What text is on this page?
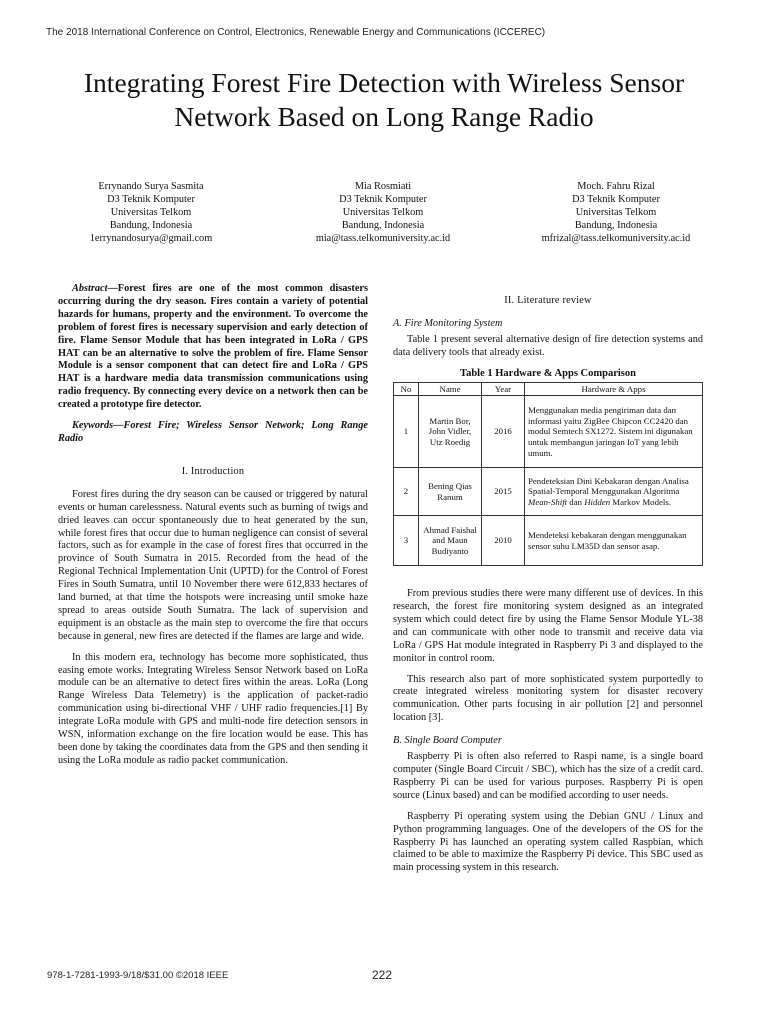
The 2018 International Conference on Control, Electronics, Renewable Energy and Communications (ICCEREC)
Integrating Forest Fire Detection with Wireless Sensor Network Based on Long Range Radio
Errynando Surya Sasmita
D3 Teknik Komputer
Universitas Telkom
Bandung, Indonesia
1errynandosurya@gmail.com
Mia Rosmiati
D3 Teknik Komputer
Universitas Telkom
Bandung, Indonesia
mia@tass.telkomuniversity.ac.id
Moch. Fahru Rizal
D3 Teknik Komputer
Universitas Telkom
Bandung, Indonesia
mfrizal@tass.telkomuniversity.ac.id

Abstract—Forest fires are one of the most common disasters occurring during the dry season. Fires contain a variety of potential hazards for humans, property and the environment. To overcome the problem of forest fires is necessary supervision and early detection of fire. Flame Sensor Module that has been integrated in LoRa / GPS HAT can be an alternative to solve the problem of fire. Flame Sensor Module is a sensor component that can detect fire and LoRa / GPS HAT is a hardware media data transmission communications using radio frequency. By connecting every device on a network then can be created a prototype fire detector.

Keywords—Forest Fire; Wireless Sensor Network; Long Range Radio

I. Introduction

Forest fires during the dry season can be caused or triggered by natural events or human carelessness. Natural events such as burning of twigs and dried leaves can occur spontaneously due to heat generated by the sun, while forest fires that occur due to human negligence can consist of several factors, such as for example in the case of forest fires that occurred in the province of South Sumatra in 2015. Recorded from the head of the Regional Technical Implementation Unit (UPTD) for the Control of Forest Fires in South Sumatra, until 10 November there were 612,833 hectares of land burned, at that time the hotspots were increasing until smoke haze spread to areas outside South Sumatra. The lack of supervision and equipment is an obstacle as the main step to overcome the fire that occurs because in general, new fires are detected if the flames are large and wide.

In this modern era, technology has become more sophisticated, thus easing emote works. Integrating Wireless Sensor Network based on LoRa module can be an alternative to detect fires within the areas. LoRa (Long Range Wireless Data Telemetry) is the application of packet-radio communication using bi-directional VHF / UHF radio frequencies.[1] By integrate LoRa module with GPS and multi-node fire detection sensors in WSN, information exchange on the fire location would be ease. This has been done by taking the coordinates data from the GPS and then sending it using the LoRa module as radio packet communication.

II. Literature review
A. Fire Monitoring System

Table 1 present several alternative design of fire detection systems and data delivery tools that already exist.

Table 1 Hardware & Apps Comparison
No	Name	Year	Hardware & Apps
1	Martin Bor, John Vidler, Utz Roedig	2016	Menggunakan media pengiriman data dan informasi yaitu ZigBee Chipcon CC2420 dan modul Semtech SX1272. Sistem ini digunakan untuk membangun jaringan IoT yang lebih umum.
2	Bening Qias Ranum	2015	Pendeteksian Dini Kebakaran dengan Analisa Spatial-Temporal Menggunakan Algoritma Mean-Shift dan Hidden Markov Models.
3	Ahmad Faishal and Maun Budiyanto	2010	Mendeteksi kebakaran dengan menggunakan sensor suhu LM35D dan sensor asap.

From previous studies there were many different use of devices. In this research, the forest fire monitoring system designed as an integrated system which could detect fire by using the Flame Sensor Module YL-38 and can communicate with other node to transmit and receive data via LoRa / GPS Hat module integrated in Raspberry Pi 3 and displayed to the monitor in control room.

This research also part of more sophisticated system purportedly to create integrated wireless monitoring system for disaster recovery communication. Other parts focusing in air pollution [2] and personnel location [3].

B. Single Board Computer

Raspberry Pi is often also referred to Raspi name, is a single board computer (Single Board Circuit / SBC), which has the size of a credit card. Raspberry Pi can be used for various purposes. Raspberry Pi is open source (Linux based) and can be modified according to user needs.

Raspberry Pi operating system using the Debian GNU / Linux and Python programming languages. One of the developers of the OS for the Raspberry Pi has launched an operating system called Raspbian, which claimed to be able to maximize the Raspberry Pi device. This SBC used as main processing system in this research.

978-1-7281-1993-9/18/$31.00 ©2018 IEEE	222
